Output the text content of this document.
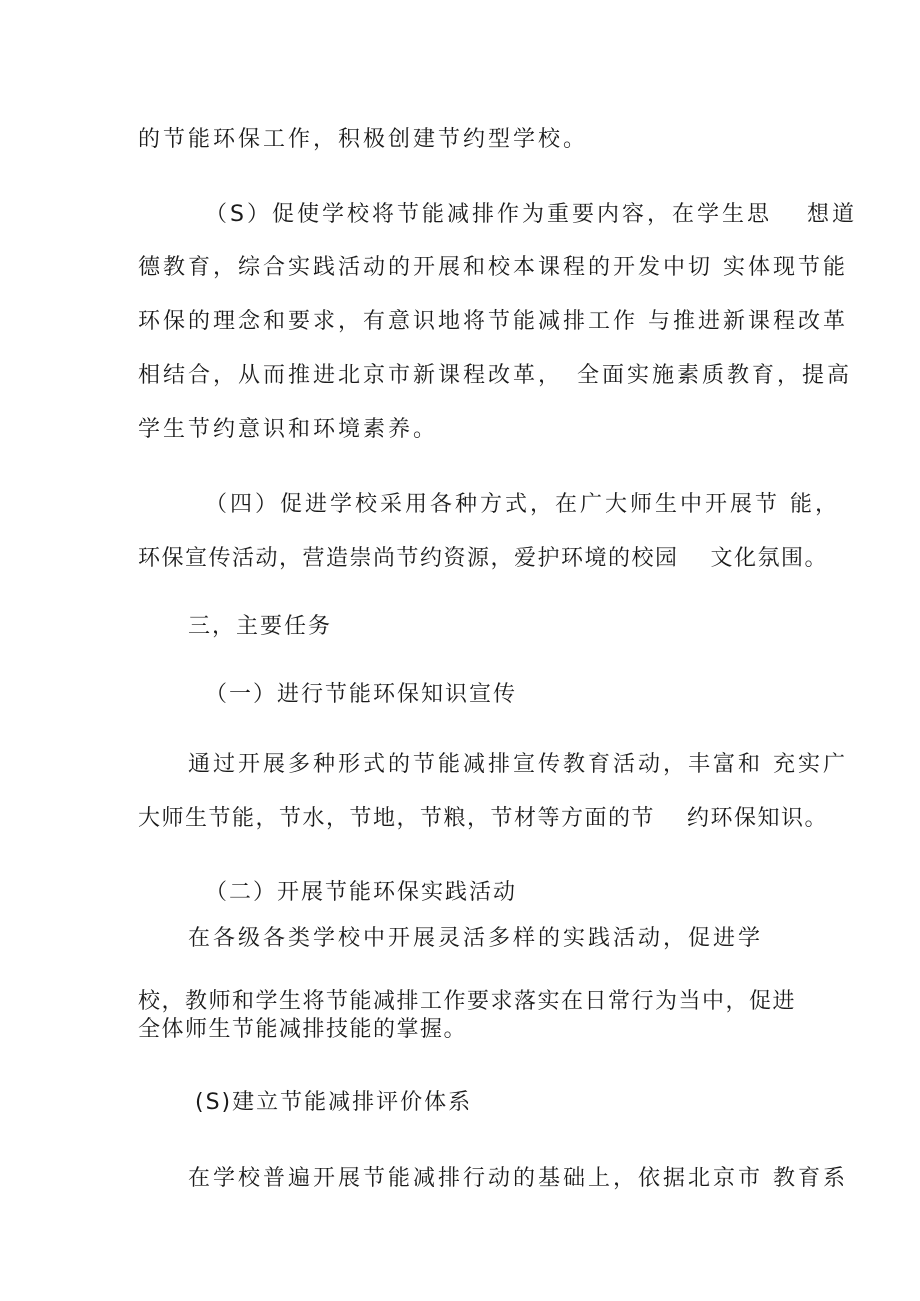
的节能环保工作，积极创建节约型学校。

（S）促使学校将节能减排作为重要内容，在学生思　 想道

德教育，综合实践活动的开展和校本课程的开发中切 实体现节能

环保的理念和要求，有意识地将节能减排工作 与推进新课程改革

相结合，从而推进北京市新课程改革，　全面实施素质教育，提高

学生节约意识和环境素养。

（四）促进学校采用各种方式，在广大师生中开展节 能，

环保宣传活动，营造崇尚节约资源，爱护环境的校园　 文化氛围。

三，主要任务

（一）进行节能环保知识宣传

通过开展多种形式的节能减排宣传教育活动，丰富和 充实广

大师生节能，节水，节地，节粮，节材等方面的节　 约环保知识。

（二）开展节能环保实践活动

在各级各类学校中开展灵活多样的实践活动，促进学

校，教师和学生将节能减排工作要求落实在日常行为当中，促进

全体师生节能减排技能的掌握。

(S)建立节能减排评价体系

在学校普遍开展节能减排行动的基础上，依据北京市 教育系
